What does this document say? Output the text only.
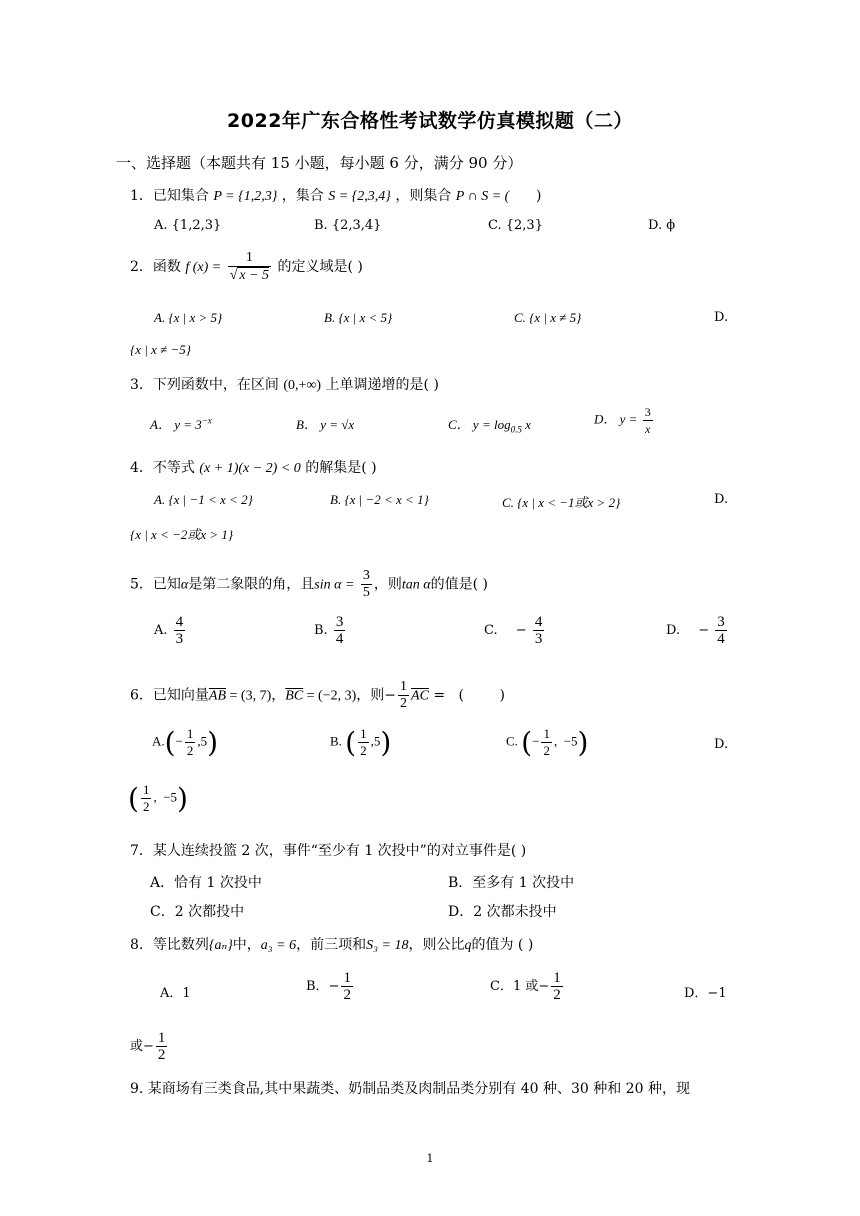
2022年广东合格性考试数学仿真模拟题（二）
一、选择题（本题共有 15 小题，每小题 6 分，满分 90 分）
1．已知集合 P = {1,2,3} ，集合 S = {2,3,4} ，则集合 P ∩ S = (      )
A. {1,2,3}	B. {2,3,4}	C. {2,3}	D. ϕ
2．函数 f $(x) = \frac{1}{√ x - 5}$ 的定义域是( )
A. {x | x > 5}	B. {x | x < 5}	C. {x | x ≠ 5}	D.
{x | x ≠ −5}
3．下列函数中，在区间 (0,+∞) 上单调递增的是( )
A． $y = 3^{-x}$	B． y = √x	C． $y = \log_{0.5} x$	D． $y = \frac{3}{x}$
4．不等式 (x + 1)(x − 2) < 0 的解集是( )
A. {x | −1 < x < 2}	B. {x | −2 < x < 1}	C. {x | x < −1或x > 2}	D.
{x | x < −2或x > 1}
5．已知α是第二象限的角，且$\sin \alpha = \frac{3}{5}$ ，则tan α的值是( )
A. $\frac{4}{3}$	B. $\frac{3}{4}$	C. − $\frac{4}{3}$	D. − $\frac{3}{4}$
6．已知向量$\overline{AB} = (3$, 7)，$\overline{BC} = (-2$, 3)，则− $\frac{1}{2} \overline{AC}$ =   (        )
$A.(- \frac{1}{2} ,5)$	B. ( $\frac{1}{2} ,5$)	C. (− $\frac{1}{2}$ ,  −5)	D.
( $\frac{1}{2}$ ,  −5)
7．某人连续投篮 2 次，事件“至少有 1 次投中”的对立事件是( )
A．恰有 1 次投中	B．至多有 1 次投中
C．2 次都投中	D．2 次都未投中
8．等比数列{aₙ}中，a₃ = 6，前三项和S₃ = 18，则公比q的值为 ( )
A．1	B．− $\frac{1}{2}$	C．1 或− $\frac{1}{2}$	D．−1
或− $\frac{1}{2}$
9. 某商场有三类食品,其中果蔬类、奶制品类及肉制品类分别有 40 种、30 种和 20 种，现
1
